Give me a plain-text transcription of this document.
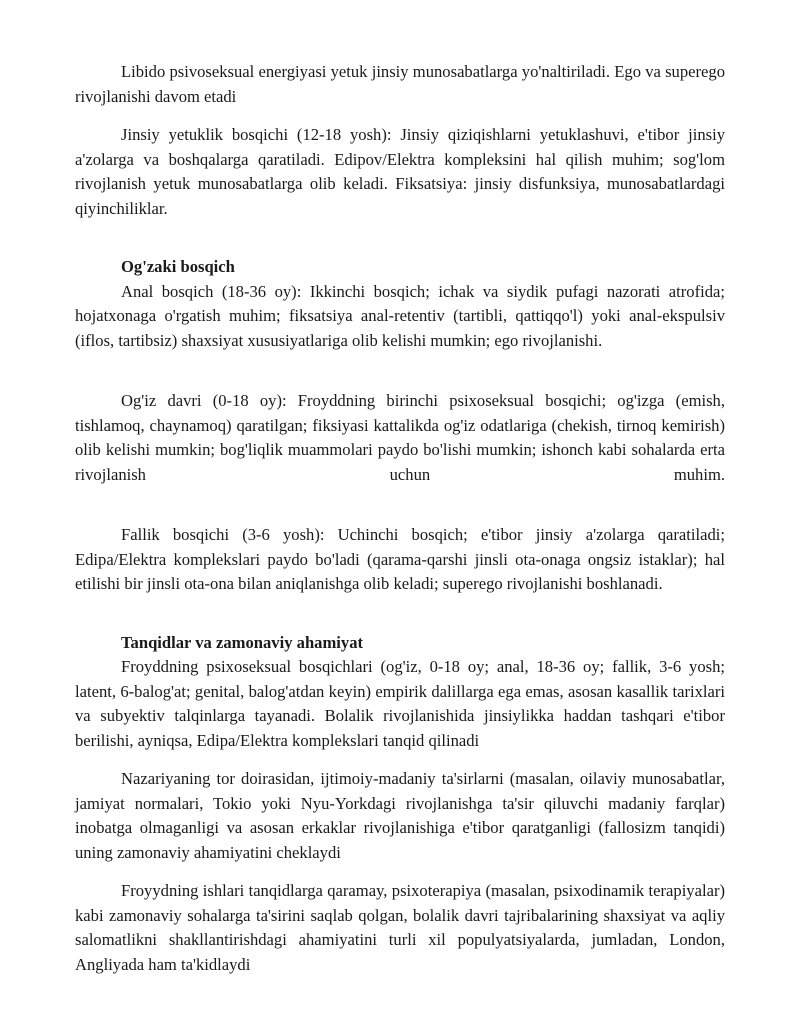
Libido psivoseksual energiyasi yetuk jinsiy munosabatlarga yo'naltiriladi. Ego va superego rivojlanishi davom etadi

Jinsiy yetuklik bosqichi (12-18 yosh): Jinsiy qiziqishlarni yetuklashuvi, e'tibor jinsiy a'zolarga va boshqalarga qaratiladi. Edipov/Elektra kompleksini hal qilish muhim; sog'lom rivojlanish yetuk munosabatlarga olib keladi. Fiksatsiya: jinsiy disfunksiya, munosabatlardagi qiyinchiliklar.

Og'zaki bosqich

Anal bosqich (18-36 oy): Ikkinchi bosqich; ichak va siydik pufagi nazorati atrofida; hojatxonaga o'rgatish muhim; fiksatsiya anal-retentiv (tartibli, qattiqqo'l) yoki anal-ekspulsiv (iflos, tartibsiz) shaxsiyat xususiyatlariga olib kelishi mumkin; ego rivojlanishi.

Og'iz davri (0-18 oy): Froyddning birinchi psixoseksual bosqichi; og'izga (emish, tishlamoq, chaynamoq) qaratilgan; fiksiyasi kattalikda og'iz odatlariga (chekish, tirnoq kemirish) olib kelishi mumkin; bog'liqlik muammolari paydo bo'lishi mumkin; ishonch kabi sohalarda erta rivojlanish uchun muhim.

Fallik bosqichi (3-6 yosh): Uchinchi bosqich; e'tibor jinsiy a'zolarga qaratiladi; Edipa/Elektra komplekslari paydo bo'ladi (qarama-qarshi jinsli ota-onaga ongsiz istaklar); hal etilishi bir jinsli ota-ona bilan aniqlanishga olib keladi; superego rivojlanishi boshlanadi.

Tanqidlar va zamonaviy ahamiyat

Froyddning psixoseksual bosqichlari (og'iz, 0-18 oy; anal, 18-36 oy; fallik, 3-6 yosh; latent, 6-balog'at; genital, balog'atdan keyin) empirik dalillarga ega emas, asosan kasallik tarixlari va subyektiv talqinlarga tayanadi. Bolalik rivojlanishida jinsiylikka haddan tashqari e'tibor berilishi, ayniqsa, Edipa/Elektra komplekslari tanqid qilinadi

Nazariyaning tor doirasidan, ijtimoiy-madaniy ta'sirlarni (masalan, oilaviy munosabatlar, jamiyat normalari, Tokio yoki Nyu-Yorkdagi rivojlanishga ta'sir qiluvchi madaniy farqlar) inobatga olmaganligi va asosan erkaklar rivojlanishiga e'tibor qaratganligi (fallosizm tanqidi) uning zamonaviy ahamiyatini cheklaydi

Froyydning ishlari tanqidlarga qaramay, psixoterapiya (masalan, psixodinamik terapiyalar) kabi zamonaviy sohalarga ta'sirini saqlab qolgan, bolalik davri tajribalarining shaxsiyat va aqliy salomatlikni shakllantirishdagi ahamiyatini turli xil populyatsiyalarda, jumladan, London, Angliyada ham ta'kidlaydi
